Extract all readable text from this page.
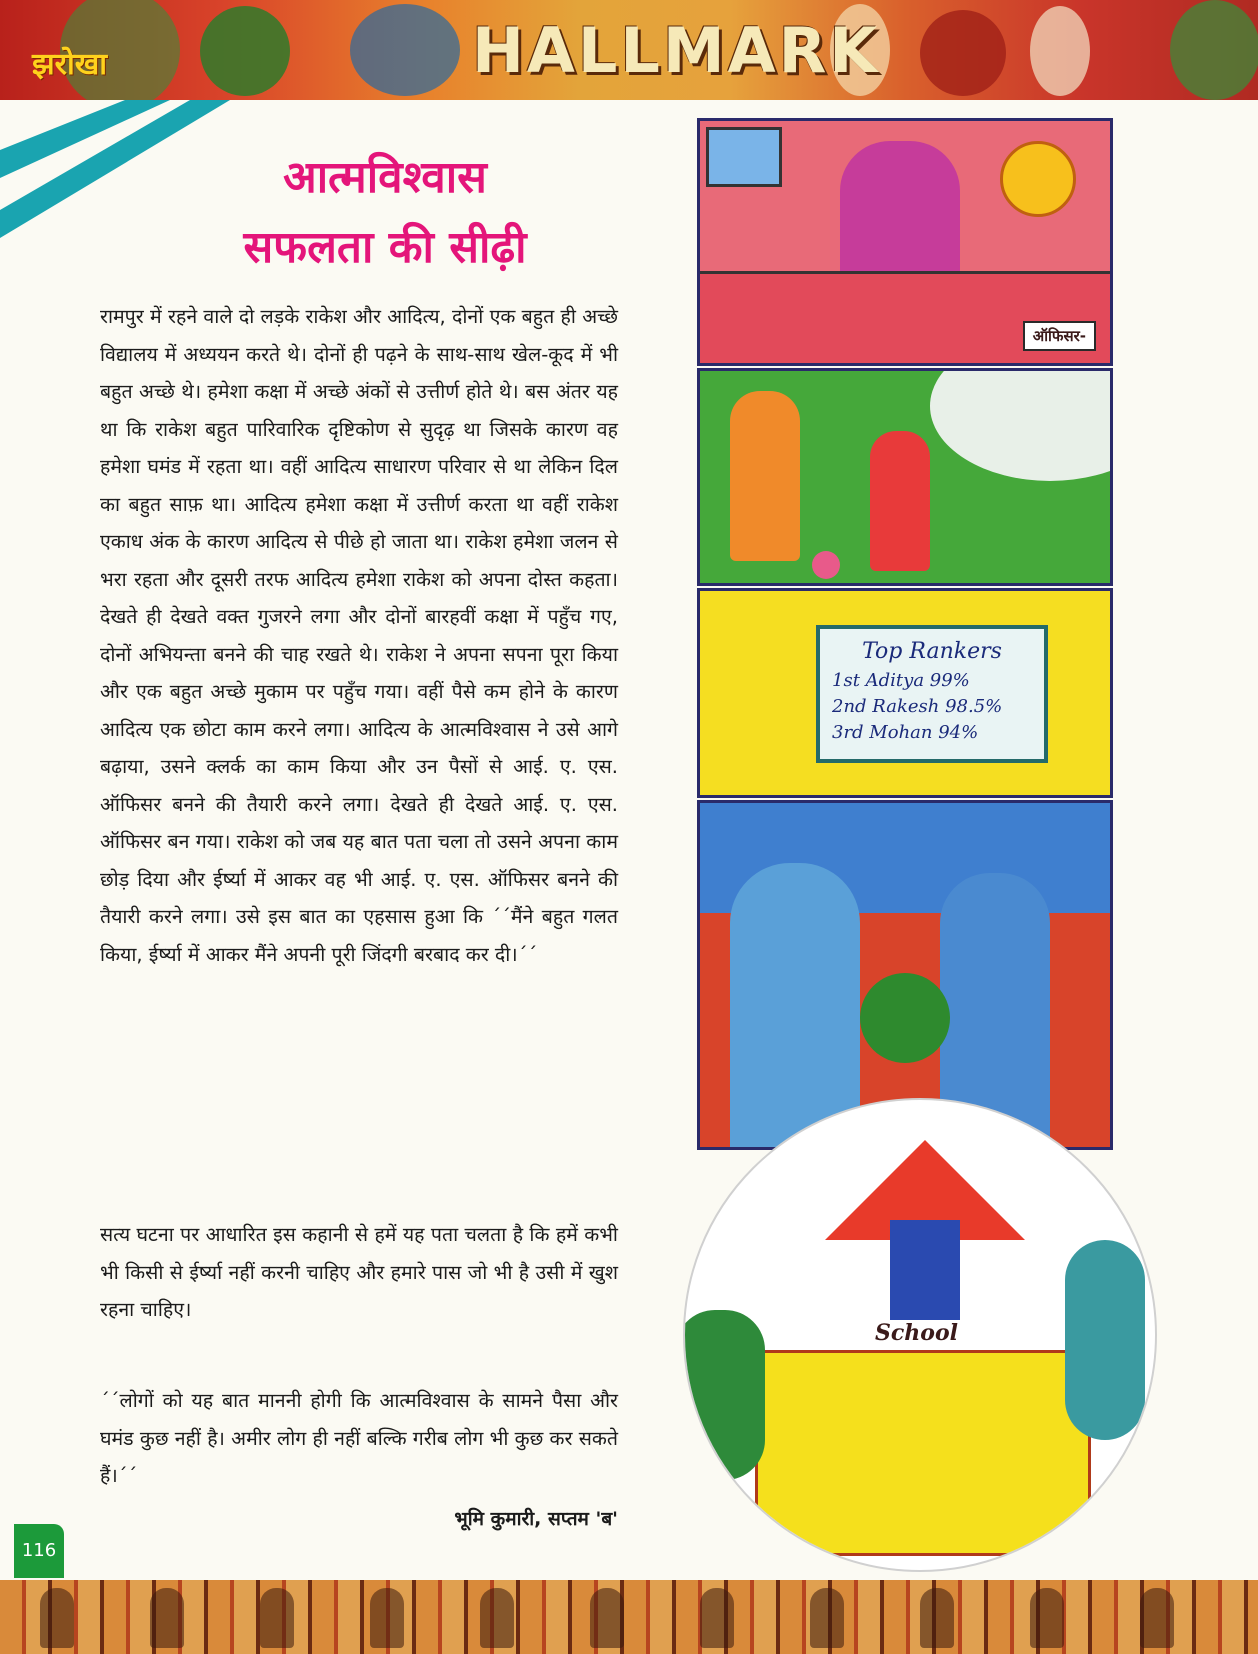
झरोखा	HALLMARK
आत्मविश्वास
सफलता की सीढ़ी
रामपुर में रहने वाले दो लड़के राकेश और आदित्य, दोनों एक बहुत ही अच्छे विद्यालय में अध्ययन करते थे। दोनों ही पढ़ने के साथ-साथ खेल-कूद में भी बहुत अच्छे थे। हमेशा कक्षा में अच्छे अंकों से उत्तीर्ण होते थे। बस अंतर यह था कि राकेश बहुत पारिवारिक दृष्टिकोण से सुदृढ़ था जिसके कारण वह हमेशा घमंड में रहता था। वहीं आदित्य साधारण परिवार से था लेकिन दिल का बहुत साफ़ था। आदित्य हमेशा कक्षा में उत्तीर्ण करता था वहीं राकेश एकाध अंक के कारण आदित्य से पीछे हो जाता था। राकेश हमेशा जलन से भरा रहता और दूसरी तरफ आदित्य हमेशा राकेश को अपना दोस्त कहता। देखते ही देखते वक्त गुजरने लगा और दोनों बारहवीं कक्षा में पहुँच गए, दोनों अभियन्ता बनने की चाह रखते थे। राकेश ने अपना सपना पूरा किया और एक बहुत अच्छे मुकाम पर पहुँच गया। वहीं पैसे कम होने के कारण आदित्य एक छोटा काम करने लगा। आदित्य के आत्मविश्वास ने उसे आगे बढ़ाया, उसने क्लर्क का काम किया और उन पैसों से आई. ए. एस. ऑफिसर बनने की तैयारी करने लगा। देखते ही देखते आई. ए. एस. ऑफिसर बन गया। राकेश को जब यह बात पता चला तो उसने अपना काम छोड़ दिया और ईर्ष्या में आकर वह भी आई. ए. एस. ऑफिसर बनने की तैयारी करने लगा। उसे इस बात का एहसास हुआ कि ´´मैंने बहुत गलत किया, ईर्ष्या में आकर मैंने अपनी पूरी जिंदगी बरबाद कर दी।´´
सत्य घटना पर आधारित इस कहानी से हमें यह पता चलता है कि हमें कभी भी किसी से ईर्ष्या नहीं करनी चाहिए और हमारे पास जो भी है उसी में खुश रहना चाहिए।
´´लोगों को यह बात माननी होगी कि आत्मविश्वास के सामने पैसा और घमंड कुछ नहीं है। अमीर लोग ही नहीं बल्कि गरीब लोग भी कुछ कर सकते हैं।´´
भूमि कुमारी, सप्तम 'ब'
ऑफिसर-
Top Rankers
1st Aditya 99%
2nd Rakesh 98.5%
3rd Mohan 94%
School
116
